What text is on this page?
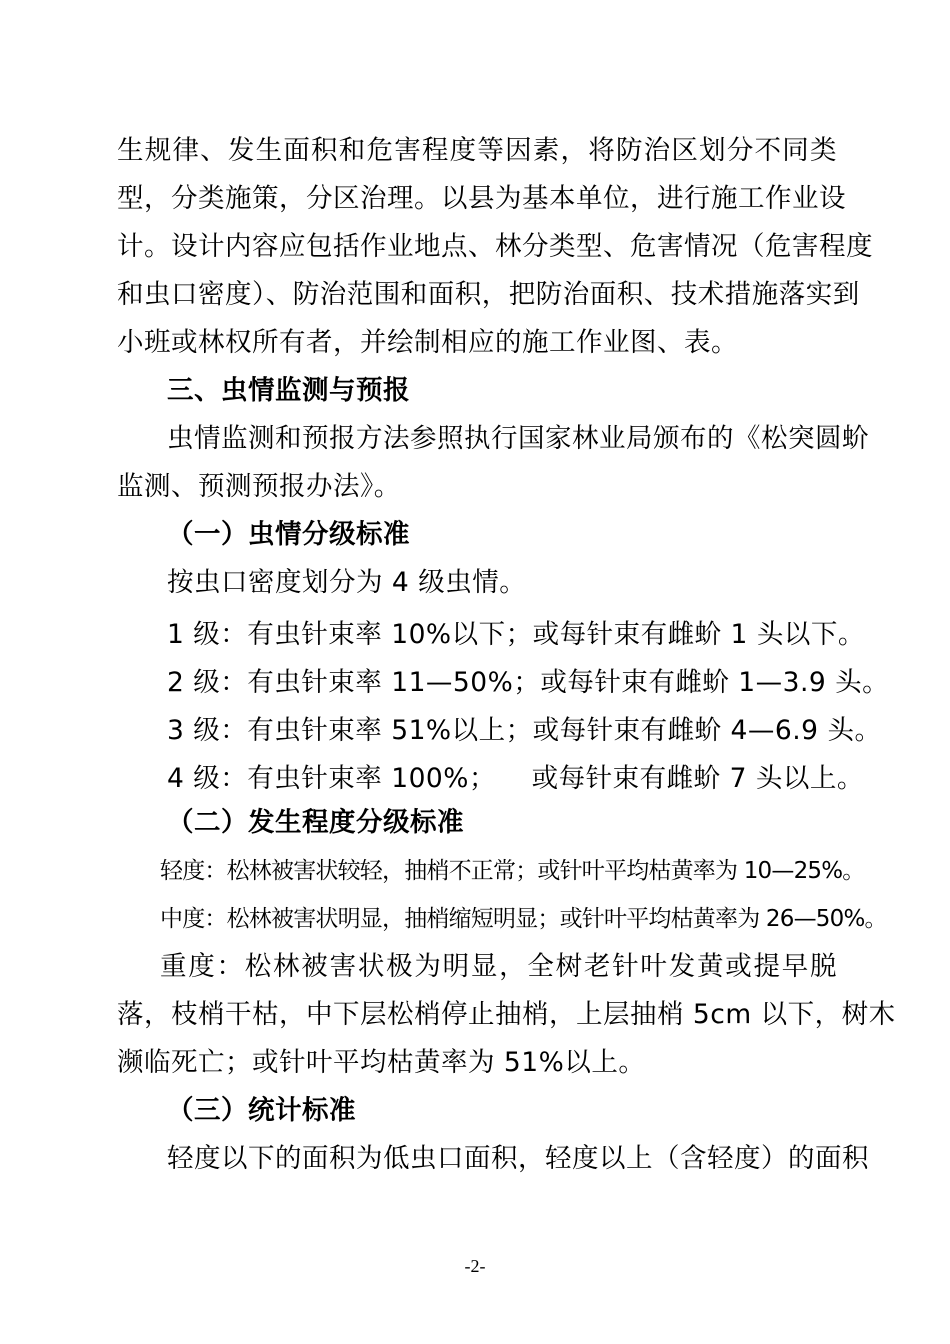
生规律、发生面积和危害程度等因素，将防治区划分不同类
型，分类施策，分区治理。以县为基本单位，进行施工作业设
计。设计内容应包括作业地点、林分类型、危害情况（危害程度
和虫口密度）、防治范围和面积，把防治面积、技术措施落实到
小班或林权所有者，并绘制相应的施工作业图、表。
三、虫情监测与预报
虫情监测和预报方法参照执行国家林业局颁布的《松突圆蚧
监测、预测预报办法》。
（一）虫情分级标准
按虫口密度划分为 4 级虫情。
1 级：有虫针束率 10%以下；或每针束有雌蚧 1 头以下。
2 级：有虫针束率 11—50%；或每针束有雌蚧 1—3.9 头。
3 级：有虫针束率 51%以上；或每针束有雌蚧 4—6.9 头。
4 级：有虫针束率 100%；    或每针束有雌蚧 7 头以上。
（二）发生程度分级标准
轻度：松林被害状较轻，抽梢不正常；或针叶平均枯黄率为 10—25%。
中度：松林被害状明显，抽梢缩短明显；或针叶平均枯黄率为 26—50%。
重度：松林被害状极为明显，全树老针叶发黄或提早脱
落，枝梢干枯，中下层松梢停止抽梢，上层抽梢 5cm 以下，树木
濒临死亡；或针叶平均枯黄率为 51%以上。
（三）统计标准
轻度以下的面积为低虫口面积，轻度以上（含轻度）的面积
-2-
